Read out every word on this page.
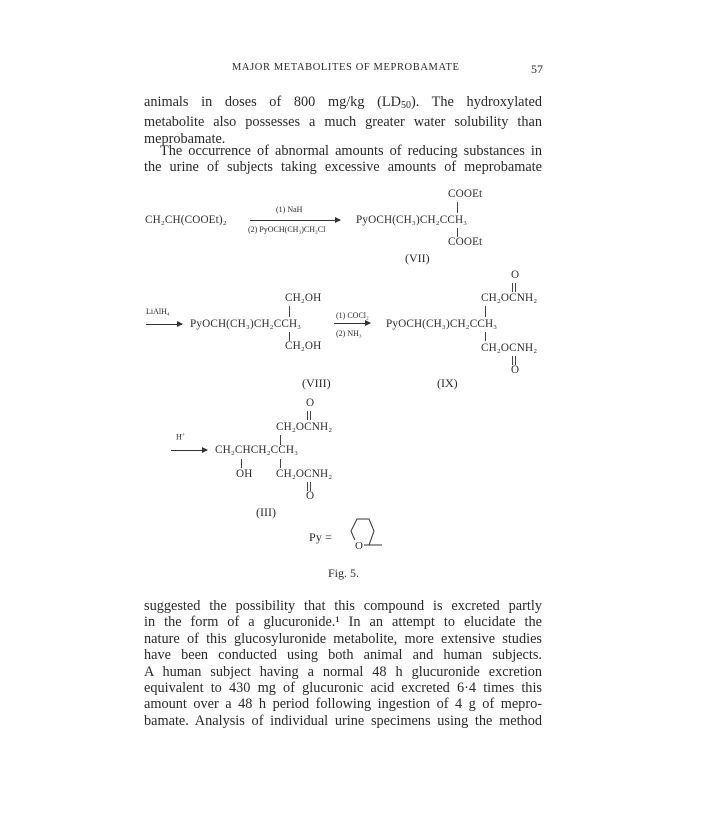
MAJOR METABOLITES OF MEPROBAMATE	57
animals in doses of 800 mg/kg $(LD_{50})$. The hydroxylated
metabolite also possesses a much greater water solubility than
meprobamate.
The occurrence of abnormal amounts of reducing substances in
the urine of subjects taking excessive amounts of meprobamate
CH₂CH(COOEt)₂
(1) NaH
(2) PyOCH(CH₃)CH₂Cl
COOEt
PyOCH(CH₃)CH₂CCH₃
COOEt
(VII)
LiAlH₄
CH₂OH
PyOCH(CH₃)CH₂CCH₃
CH₂OH
(VIII)
(1) COCl₂
(2) NH₃
O
CH₂OCNH₂
PyOCH(CH₃)CH₂CCH₃
CH₂OCNH₂
O
(IX)
O
CH₂OCNH₂
H+
→ CH₂CHCH₂CCH₃
OH CH₂OCNH₂
O
(III)
Py =
O
Fig. 5.
suggested the possibility that this compound is excreted partly
in the form of a glucuronide.¹ In an attempt to elucidate the
nature of this glucosyluronide metabolite, more extensive studies
have been conducted using both animal and human subjects.
A human subject having a normal 48 h glucuronide excretion
equivalent to 430 mg of glucuronic acid excreted 6·4 times this
amount over a 48 h period following ingestion of 4 g of mepro-
bamate. Analysis of individual urine specimens using the method
